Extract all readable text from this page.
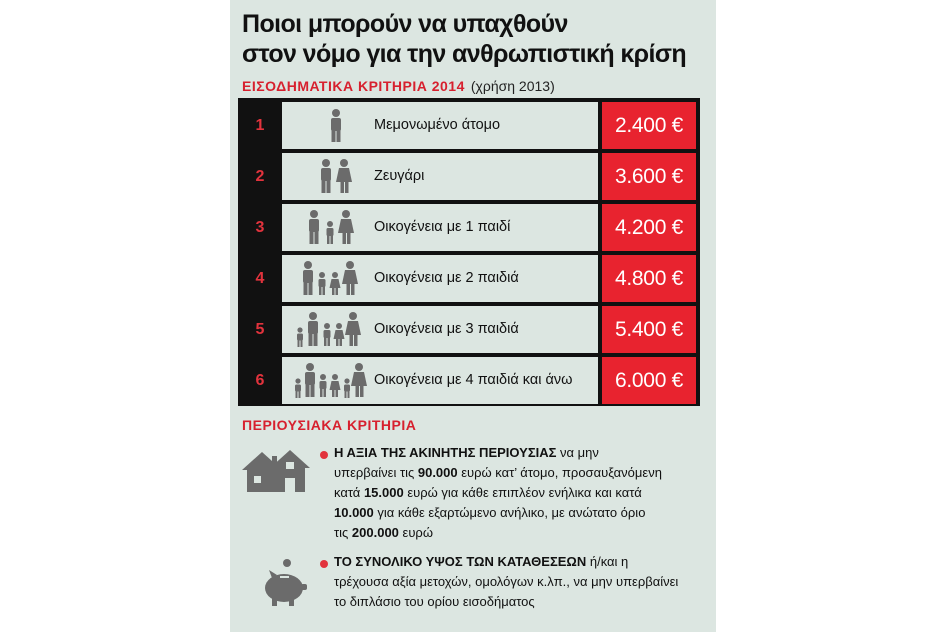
Ποιοι μπορούν να υπαχθούν
στον νόμο για την ανθρωπιστική κρίση
ΕΙΣΟΔΗΜΑΤΙΚΑ ΚΡΙΤΗΡΙΑ 2014 (χρήση 2013)
1	Μεμονωμένο άτομο	2.400 €
2	Ζευγάρι	3.600 €
3	Οικογένεια με 1 παιδί	4.200 €
4	Οικογένεια με 2 παιδιά	4.800 €
5	Οικογένεια με 3 παιδιά	5.400 €
6	Οικογένεια με 4 παιδιά και άνω	6.000 €
ΠΕΡΙΟΥΣΙΑΚΑ ΚΡΙΤΗΡΙΑ
Η ΑΞΙΑ ΤΗΣ ΑΚΙΝΗΤΗΣ ΠΕΡΙΟΥΣΙΑΣ να μην
υπερβαίνει τις 90.000 ευρώ κατ’ άτομο, προσαυξανόμενη
κατά 15.000 ευρώ για κάθε επιπλέον ενήλικα και κατά
10.000 για κάθε εξαρτώμενο ανήλικο, με ανώτατο όριο
τις 200.000 ευρώ
ΤΟ ΣΥΝΟΛΙΚΟ ΥΨΟΣ ΤΩΝ ΚΑΤΑΘΕΣΕΩΝ ή/και η
τρέχουσα αξία μετοχών, ομολόγων κ.λπ., να μην υπερβαίνει
το διπλάσιο του ορίου εισοδήματος
